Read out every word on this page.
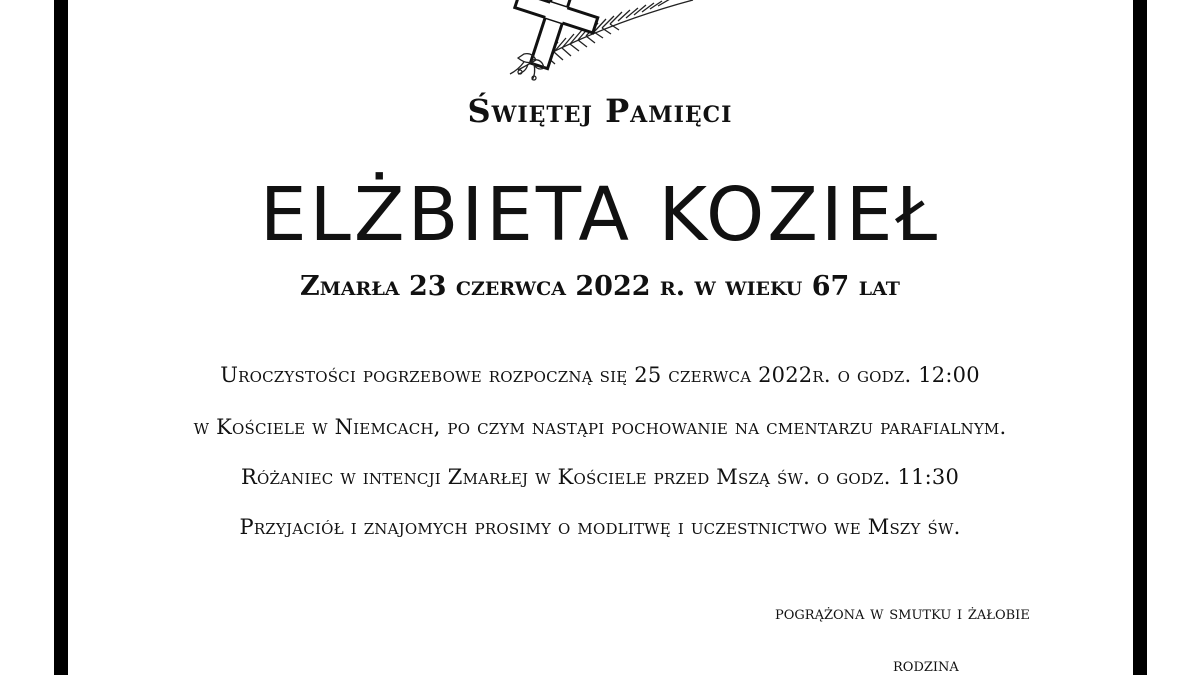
Świętej Pamięci
ELŻBIETA KOZIEŁ
Zmarła 23 czerwca 2022 r. w wieku 67 lat
Uroczystości pogrzebowe rozpoczną się 25 czerwca 2022r. o godz. 12:00
w Kościele w Niemcach, po czym nastąpi pochowanie na cmentarzu parafialnym.
Różaniec w intencji Zmarłej w Kościele przed Mszą św. o godz. 11:30
Przyjaciół i znajomych prosimy o modlitwę i uczestnictwo we Mszy św.
pogrążona w smutku i żałobie
rodzina
